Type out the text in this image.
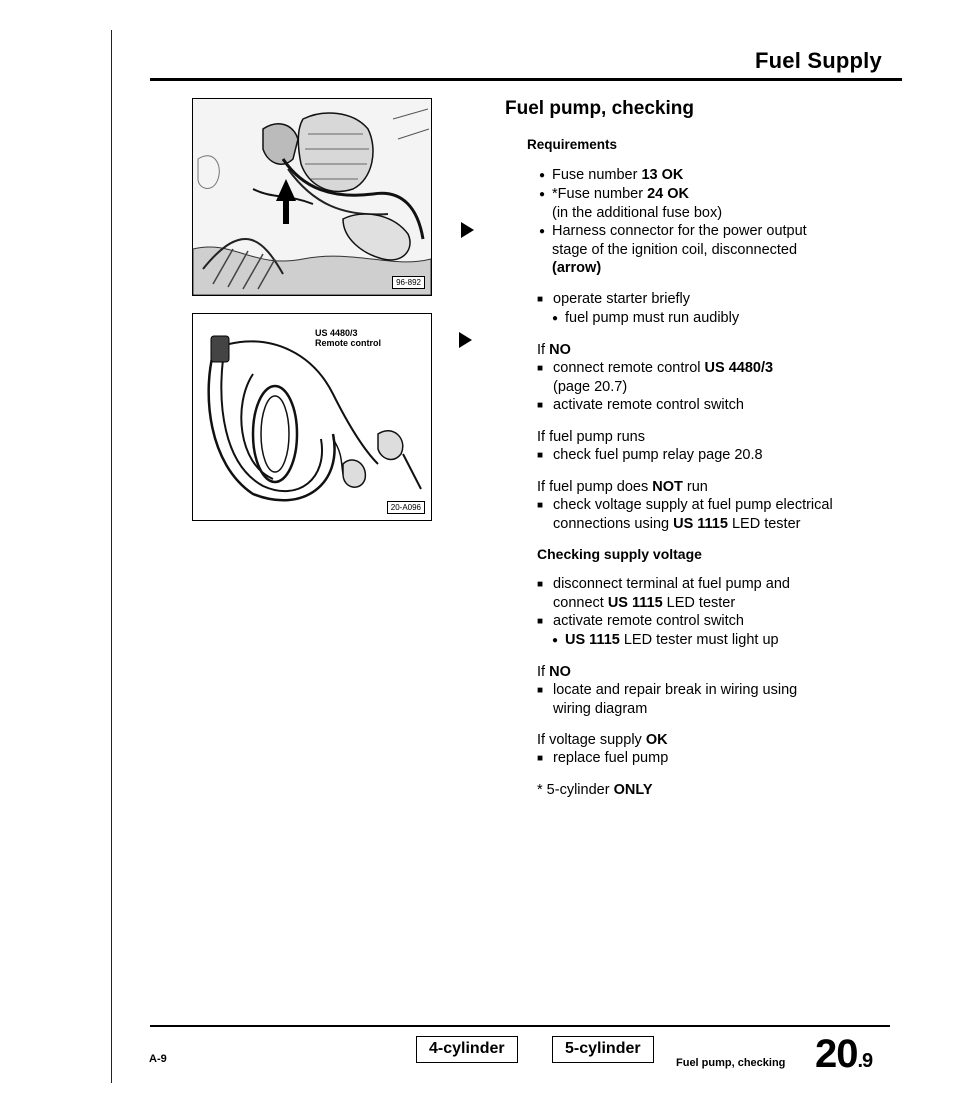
Fuel Supply
96-892
US 4480/3
Remote control
20-A096
Fuel pump, checking
Requirements
● Fuse number 13 OK
● *Fuse number 24 OK
(in the additional fuse box)
● Harness connector for the power output
stage of the ignition coil, disconnected
(arrow)
■ operate starter briefly
● fuel pump must run audibly
If NO
■ connect remote control US 4480/3
(page 20.7)
■ activate remote control switch
If fuel pump runs
■ check fuel pump relay page 20.8
If fuel pump does NOT run
■ check voltage supply at fuel pump electrical
connections using US 1115 LED tester
Checking supply voltage
■ disconnect terminal at fuel pump and
connect US 1115 LED tester
■ activate remote control switch
● US 1115 LED tester must light up
If NO
■ locate and repair break in wiring using
wiring diagram
If voltage supply OK
■ replace fuel pump
* 5-cylinder ONLY
A-9
4-cylinder	5-cylinder
Fuel pump, checking 20.9
